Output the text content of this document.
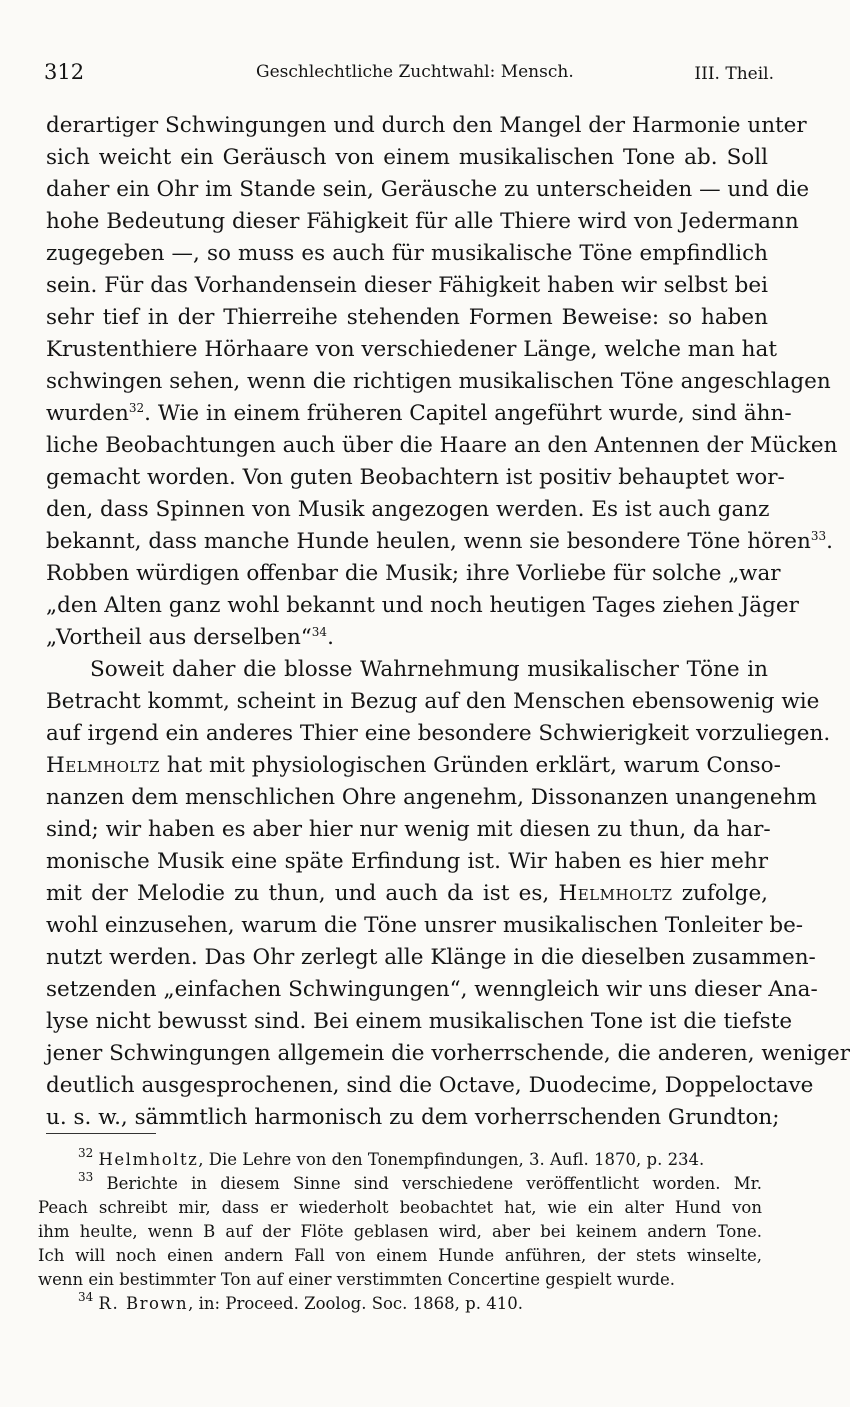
312	Geschlechtliche Zuchtwahl: Mensch.	III. Theil.
derartiger Schwingungen und durch den Mangel der Harmonie unter
sich weicht ein Geräusch von einem musikalischen Tone ab. Soll
daher ein Ohr im Stande sein, Geräusche zu unterscheiden — und die
hohe Bedeutung dieser Fähigkeit für alle Thiere wird von Jedermann
zugegeben —, so muss es auch für musikalische Töne empfindlich
sein. Für das Vorhandensein dieser Fähigkeit haben wir selbst bei
sehr tief in der Thierreihe stehenden Formen Beweise: so haben
Krustenthiere Hörhaare von verschiedener Länge, welche man hat
schwingen sehen, wenn die richtigen musikalischen Töne angeschlagen
wurden$^{32}$. Wie in einem früheren Capitel angeführt wurde, sind ähn-
liche Beobachtungen auch über die Haare an den Antennen der Mücken
gemacht worden. Von guten Beobachtern ist positiv behauptet wor-
den, dass Spinnen von Musik angezogen werden. Es ist auch ganz
bekannt, dass manche Hunde heulen, wenn sie besondere Töne hören$^{33}$.
Robben würdigen offenbar die Musik; ihre Vorliebe für solche „war
„den Alten ganz wohl bekannt und noch heutigen Tages ziehen Jäger
„Vortheil aus derselben“$^{34}$.
Soweit daher die blosse Wahrnehmung musikalischer Töne in
Betracht kommt, scheint in Bezug auf den Menschen ebensowenig wie
auf irgend ein anderes Thier eine besondere Schwierigkeit vorzuliegen.
Helmholtz hat mit physiologischen Gründen erklärt, warum Conso-
nanzen dem menschlichen Ohre angenehm, Dissonanzen unangenehm
sind; wir haben es aber hier nur wenig mit diesen zu thun, da har-
monische Musik eine späte Erfindung ist. Wir haben es hier mehr
mit der Melodie zu thun, und auch da ist es, Helmholtz zufolge,
wohl einzusehen, warum die Töne unsrer musikalischen Tonleiter be-
nutzt werden. Das Ohr zerlegt alle Klänge in die dieselben zusammen-
setzenden „einfachen Schwingungen“, wenngleich wir uns dieser Ana-
lyse nicht bewusst sind. Bei einem musikalischen Tone ist die tiefste
jener Schwingungen allgemein die vorherrschende, die anderen, weniger
deutlich ausgesprochenen, sind die Octave, Duodecime, Doppeloctave
u. s. w., sämmtlich harmonisch zu dem vorherrschenden Grundton;
$^{32}$ Helmholtz, Die Lehre von den Tonempfindungen, 3. Aufl. 1870, p. 234.
$^{33}$ Berichte in diesem Sinne sind verschiedene veröffentlicht worden. Mr.
Peach schreibt mir, dass er wiederholt beobachtet hat, wie ein alter Hund von
ihm heulte, wenn B auf der Flöte geblasen wird, aber bei keinem andern Tone.
Ich will noch einen andern Fall von einem Hunde anführen, der stets winselte,
wenn ein bestimmter Ton auf einer verstimmten Concertine gespielt wurde.
$^{34}$ R. Brown, in: Proceed. Zoolog. Soc. 1868, p. 410.
